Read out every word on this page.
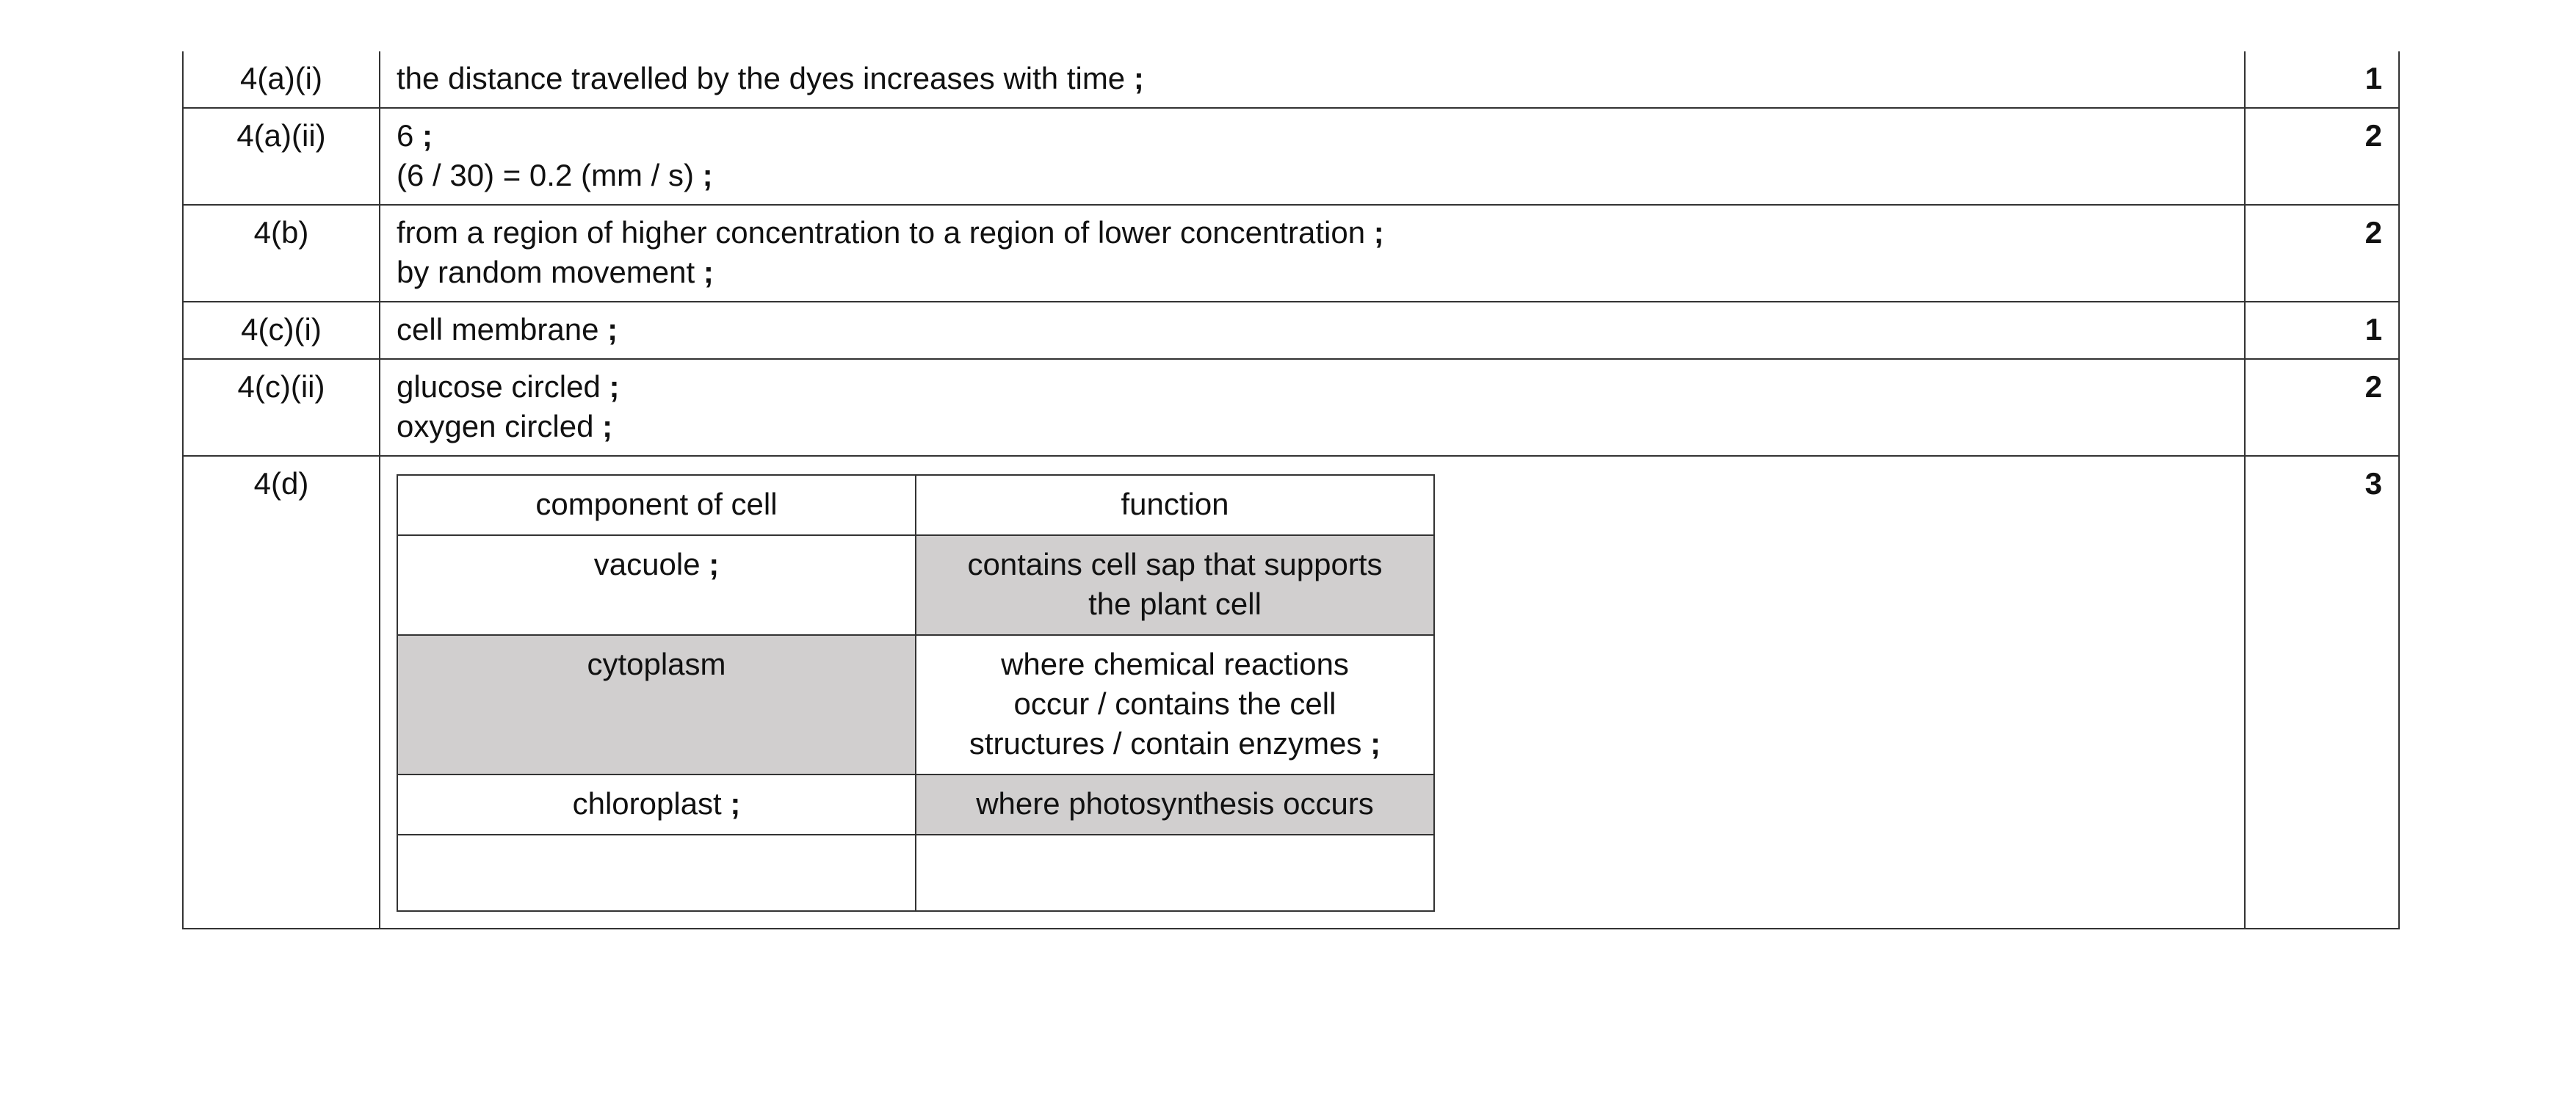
4(a)(i)	the distance travelled by the dyes increases with time ;	1
4(a)(ii)	6 ;
(6 / 30) = 0.2 (mm / s) ;
	2
4(b)	from a region of higher concentration to a region of lower concentration ;
by random movement ;
	2
4(c)(i)	cell membrane ;	1
4(c)(ii)	glucose circled ;
oxygen circled ;
	2
4(d)	
component of cell	function
vacuole ;	contains cell sap that supports
the plant cell

cytoplasm	where chemical reactions
occur / contains the cell
structures / contain enzymes ;

chloroplast ;	where photosynthesis occurs

	3
